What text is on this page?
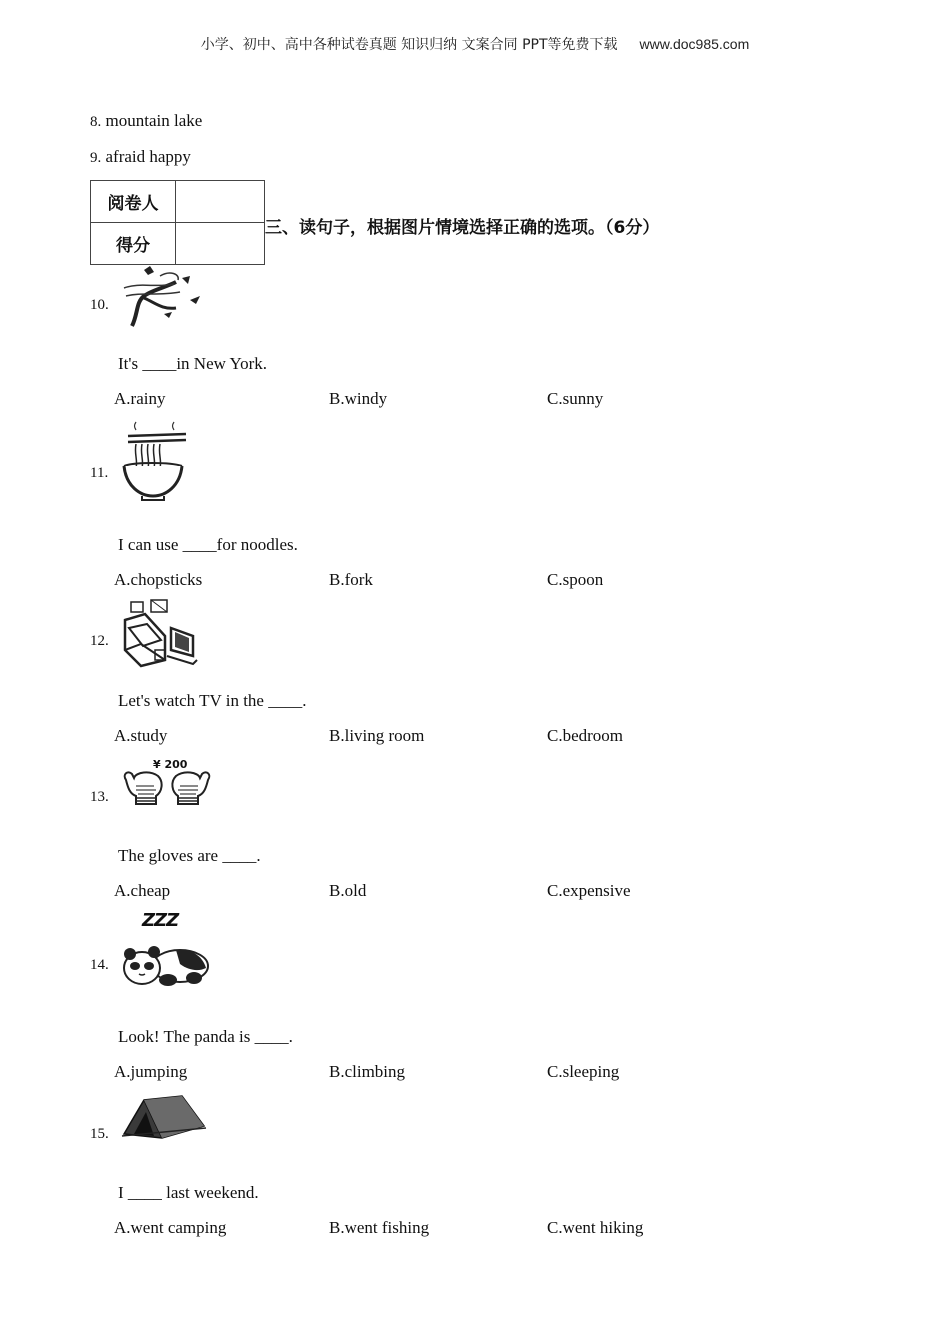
小学、初中、高中各种试卷真题 知识归纳 文案合同 PPT等免费下载 www.doc985.com
8. mountain lake
9. afraid happy
阅卷人	
得分	
三、读句子，根据图片情境选择正确的选项。（6分）
10.
It's ____in New York.
A.rainy	B.windy	C.sunny
11.
I can use ____for noodles.
A.chopsticks	B.fork	C.spoon
12.
Let's watch TV in the ____.
A.study	B.living room	C.bedroom
13.
¥ 200
The gloves are ____.
A.cheap	B.old	C.expensive
14.
ZZZ
Look! The panda is ____.
A.jumping	B.climbing	C.sleeping
15.
I ____ last weekend.
A.went camping	B.went fishing	C.went hiking
